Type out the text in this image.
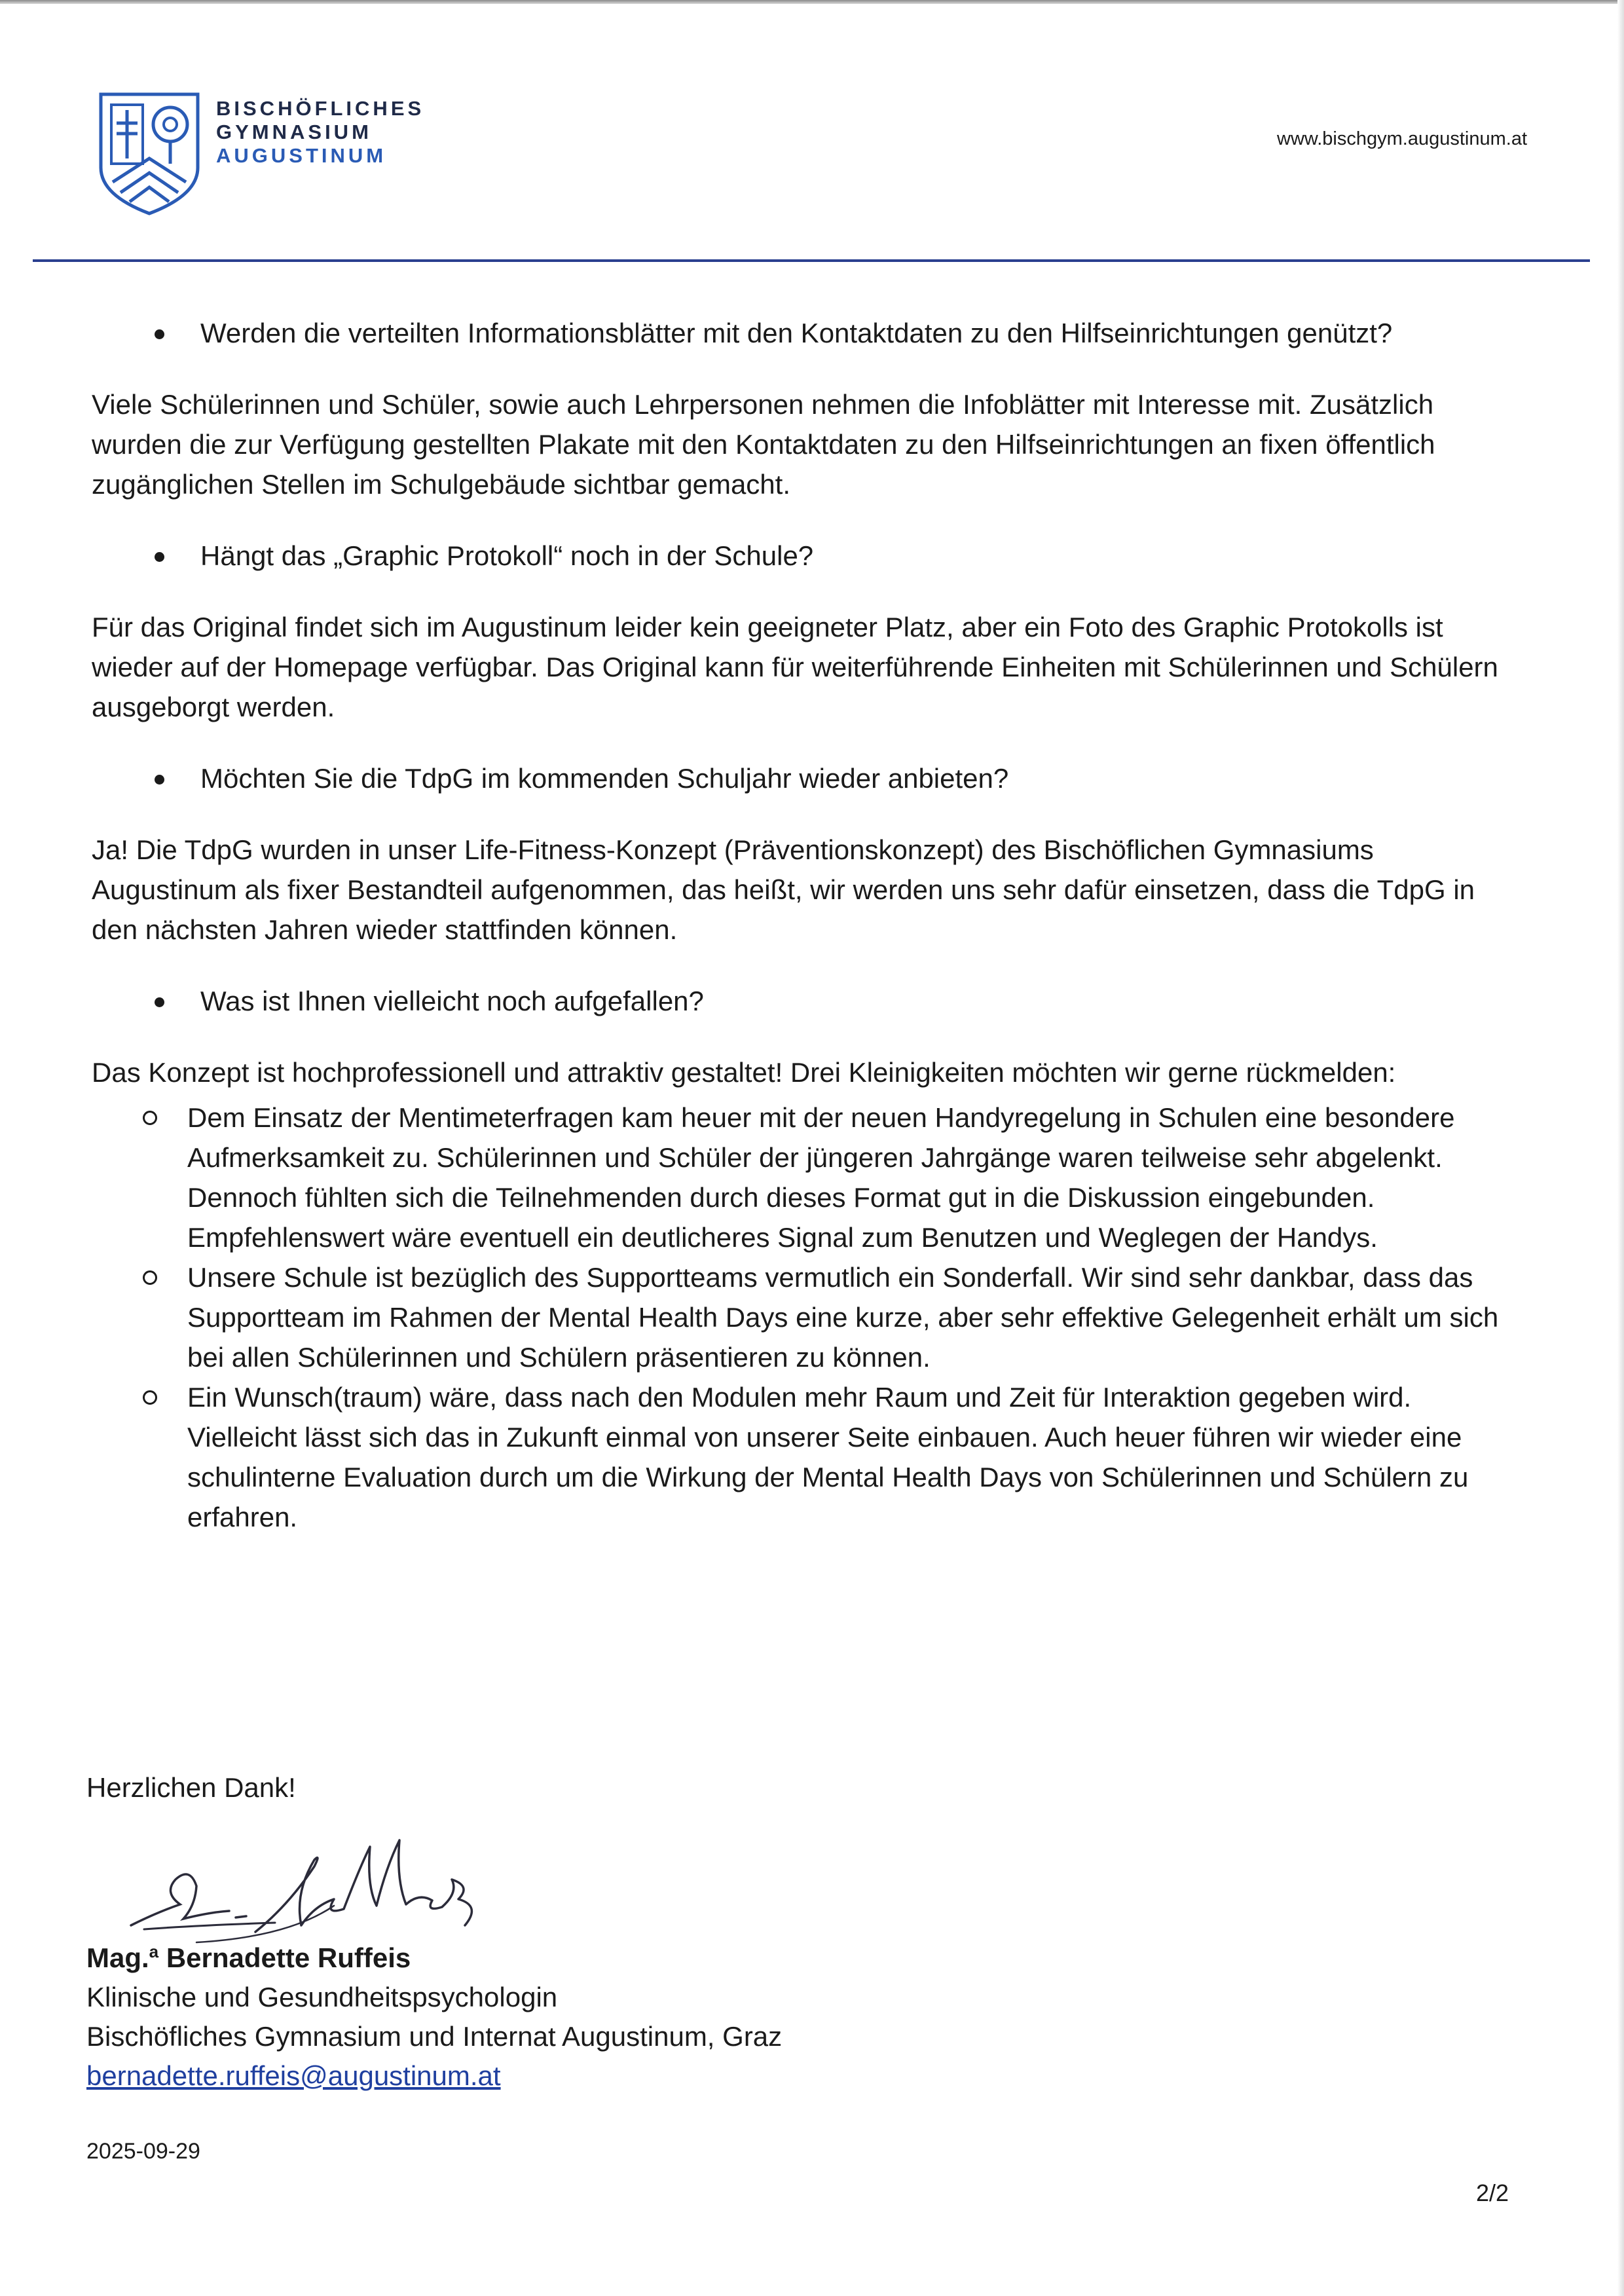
BISCHÖFLICHES
GYMNASIUM
AUGUSTINUM
www.bischgym.augustinum.at
Werden die verteilten Informationsblätter mit den Kontaktdaten zu den Hilfseinrichtungen genützt?

Viele Schülerinnen und Schüler, sowie auch Lehrpersonen nehmen die Infoblätter mit Interesse mit. Zusätzlich wurden die zur Verfügung gestellten Plakate mit den Kontaktdaten zu den Hilfseinrichtungen an fixen öffentlich zugänglichen Stellen im Schulgebäude sichtbar gemacht.

Hängt das „Graphic Protokoll“ noch in der Schule?

Für das Original findet sich im Augustinum leider kein geeigneter Platz, aber ein Foto des Graphic Protokolls ist wieder auf der Homepage verfügbar. Das Original kann für weiterführende Einheiten mit Schülerinnen und Schülern ausgeborgt werden.

Möchten Sie die TdpG im kommenden Schuljahr wieder anbieten?

Ja! Die TdpG wurden in unser Life-Fitness-Konzept (Präventionskonzept) des Bischöflichen Gymnasiums Augustinum als fixer Bestandteil aufgenommen, das heißt, wir werden uns sehr dafür einsetzen, dass die TdpG in den nächsten Jahren wieder stattfinden können.

Was ist Ihnen vielleicht noch aufgefallen?

Das Konzept ist hochprofessionell und attraktiv gestaltet! Drei Kleinigkeiten möchten wir gerne rückmelden:

Dem Einsatz der Mentimeterfragen kam heuer mit der neuen Handyregelung in Schulen eine besondere Aufmerksamkeit zu. Schülerinnen und Schüler der jüngeren Jahrgänge waren teilweise sehr abgelenkt. Dennoch fühlten sich die Teilnehmenden durch dieses Format gut in die Diskussion eingebunden. Empfehlenswert wäre eventuell ein deutlicheres Signal zum Benutzen und Weglegen der Handys.
Unsere Schule ist bezüglich des Supportteams vermutlich ein Sonderfall. Wir sind sehr dankbar, dass das Supportteam im Rahmen der Mental Health Days eine kurze, aber sehr effektive Gelegenheit erhält um sich bei allen Schülerinnen und Schülern präsentieren zu können.
Ein Wunsch(traum) wäre, dass nach den Modulen mehr Raum und Zeit für Interaktion gegeben wird. Vielleicht lässt sich das in Zukunft einmal von unserer Seite einbauen. Auch heuer führen wir wieder eine schulinterne Evaluation durch um die Wirkung der Mental Health Days von Schülerinnen und Schülern zu erfahren.
Herzlichen Dank!
Mag.$^a$ Bernadette Ruffeis
Klinische und Gesundheitspsychologin
Bischöfliches Gymnasium und Internat Augustinum, Graz
bernadette.ruffeis@augustinum.at
2025-09-29
2/2
